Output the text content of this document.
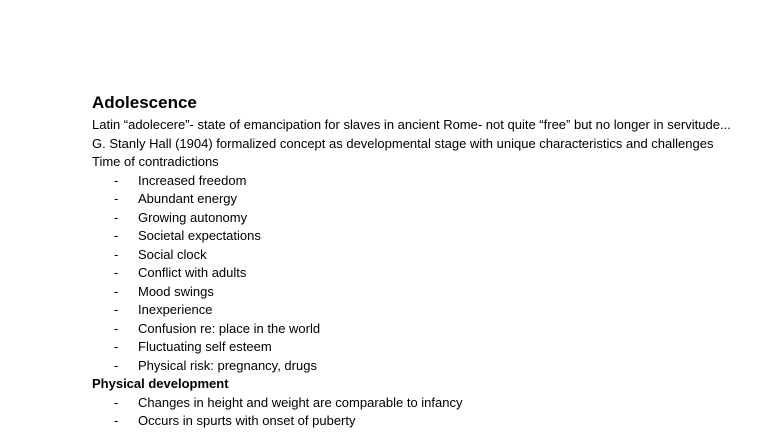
Adolescence

Latin “adolecere”- state of emancipation for slaves in ancient Rome- not quite “free” but no longer in servitude... G. Stanly Hall (1904) formalized concept as developmental stage with unique characteristics and challenges

Time of contradictions
- Increased freedom
- Abundant energy
- Growing autonomy
- Societal expectations
- Social clock
- Conflict with adults
- Mood swings
- Inexperience
- Confusion re: place in the world
- Fluctuating self esteem
- Physical risk: pregnancy, drugs
Physical development
- Changes in height and weight are comparable to infancy
- Occurs in spurts with onset of puberty
